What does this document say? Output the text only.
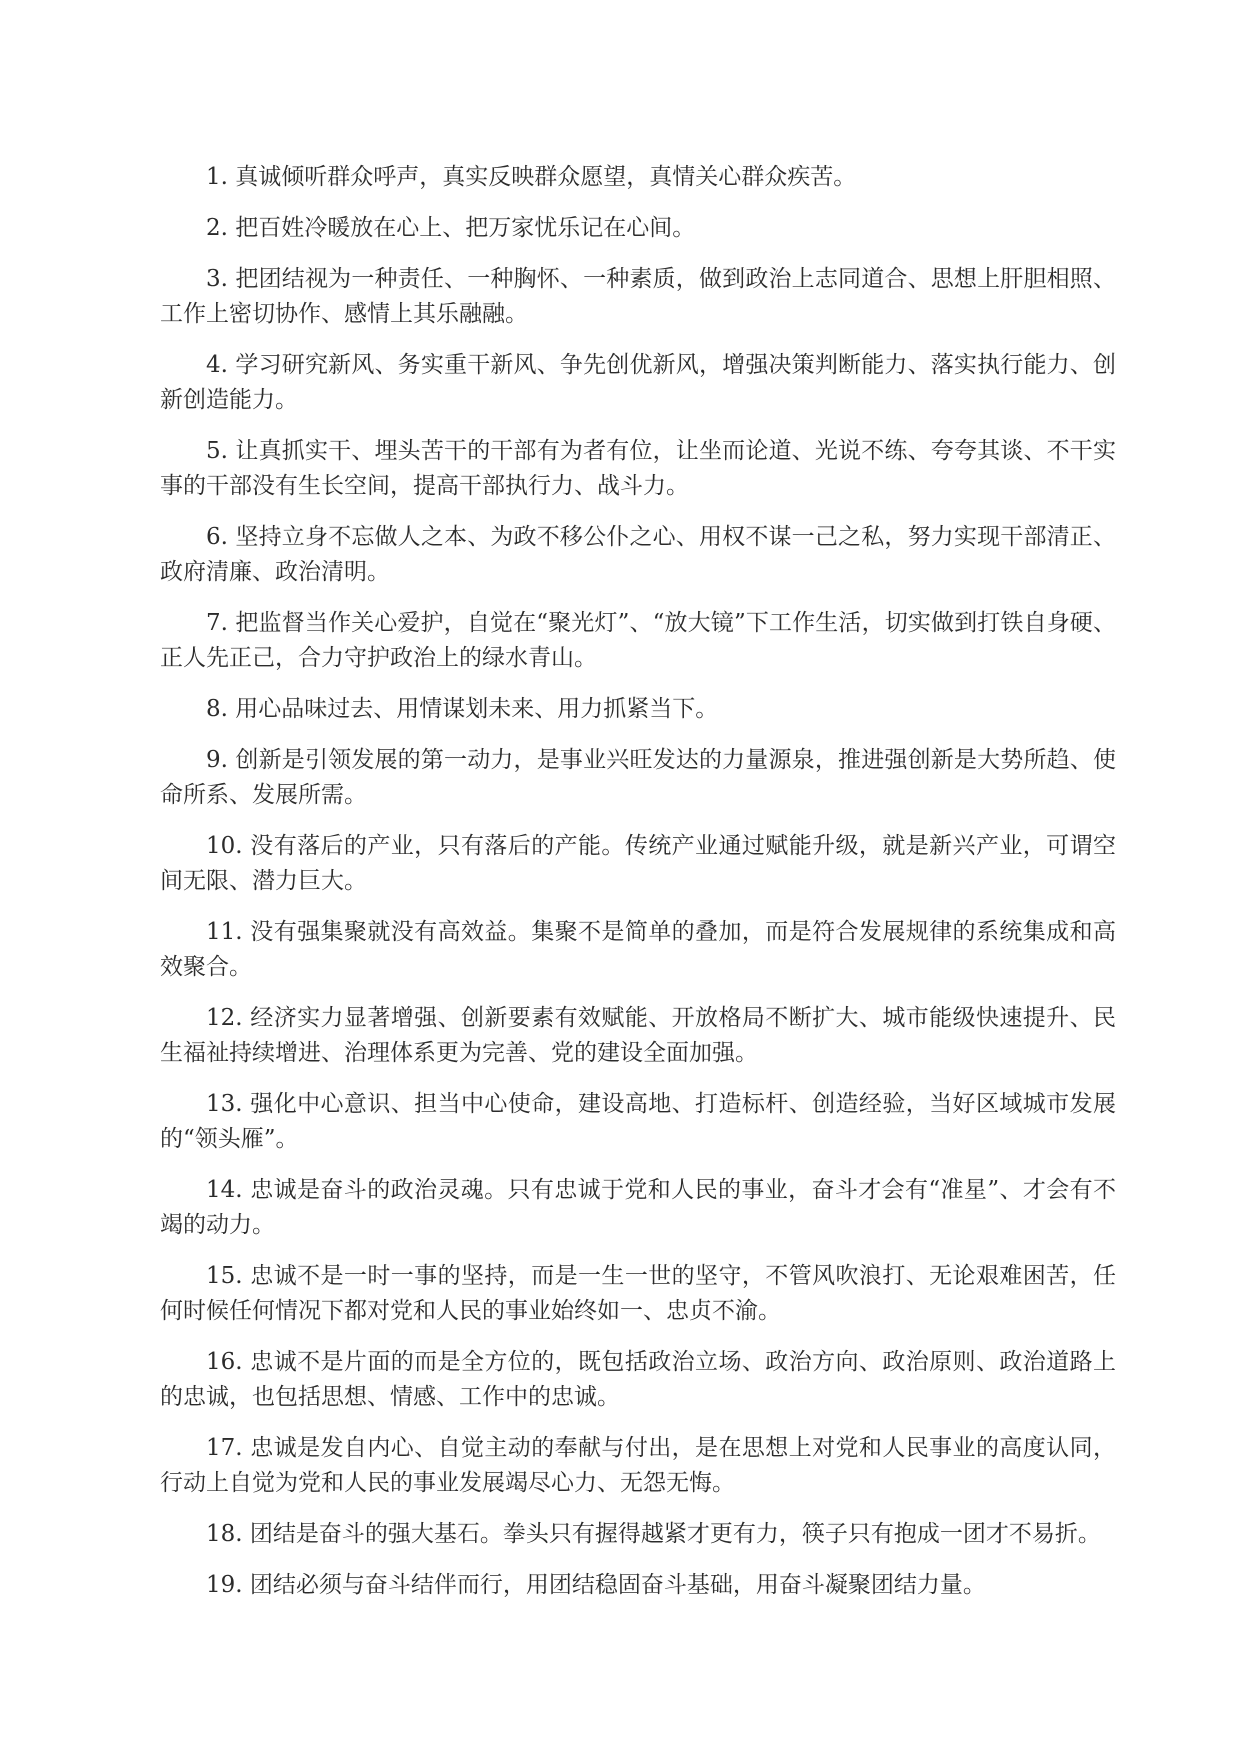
1. 真诚倾听群众呼声，真实反映群众愿望，真情关心群众疾苦。
2. 把百姓冷暖放在心上、把万家忧乐记在心间。
3. 把团结视为一种责任、一种胸怀、一种素质，做到政治上志同道合、思想上肝胆相照、工作上密切协作、感情上其乐融融。
4. 学习研究新风、务实重干新风、争先创优新风，增强决策判断能力、落实执行能力、创新创造能力。
5. 让真抓实干、埋头苦干的干部有为者有位，让坐而论道、光说不练、夸夸其谈、不干实事的干部没有生长空间，提高干部执行力、战斗力。
6. 坚持立身不忘做人之本、为政不移公仆之心、用权不谋一己之私，努力实现干部清正、政府清廉、政治清明。
7. 把监督当作关心爱护，自觉在“聚光灯”、“放大镜”下工作生活，切实做到打铁自身硬、正人先正己，合力守护政治上的绿水青山。
8. 用心品味过去、用情谋划未来、用力抓紧当下。
9. 创新是引领发展的第一动力，是事业兴旺发达的力量源泉，推进强创新是大势所趋、使命所系、发展所需。
10. 没有落后的产业，只有落后的产能。传统产业通过赋能升级，就是新兴产业，可谓空间无限、潜力巨大。
11. 没有强集聚就没有高效益。集聚不是简单的叠加，而是符合发展规律的系统集成和高效聚合。
12. 经济实力显著增强、创新要素有效赋能、开放格局不断扩大、城市能级快速提升、民生福祉持续增进、治理体系更为完善、党的建设全面加强。
13. 强化中心意识、担当中心使命，建设高地、打造标杆、创造经验，当好区域城市发展的“领头雁”。
14. 忠诚是奋斗的政治灵魂。只有忠诚于党和人民的事业，奋斗才会有“准星”、才会有不竭的动力。
15. 忠诚不是一时一事的坚持，而是一生一世的坚守，不管风吹浪打、无论艰难困苦，任何时候任何情况下都对党和人民的事业始终如一、忠贞不渝。
16. 忠诚不是片面的而是全方位的，既包括政治立场、政治方向、政治原则、政治道路上的忠诚，也包括思想、情感、工作中的忠诚。
17. 忠诚是发自内心、自觉主动的奉献与付出，是在思想上对党和人民事业的高度认同，行动上自觉为党和人民的事业发展竭尽心力、无怨无悔。
18. 团结是奋斗的强大基石。拳头只有握得越紧才更有力，筷子只有抱成一团才不易折。
19. 团结必须与奋斗结伴而行，用团结稳固奋斗基础，用奋斗凝聚团结力量。
